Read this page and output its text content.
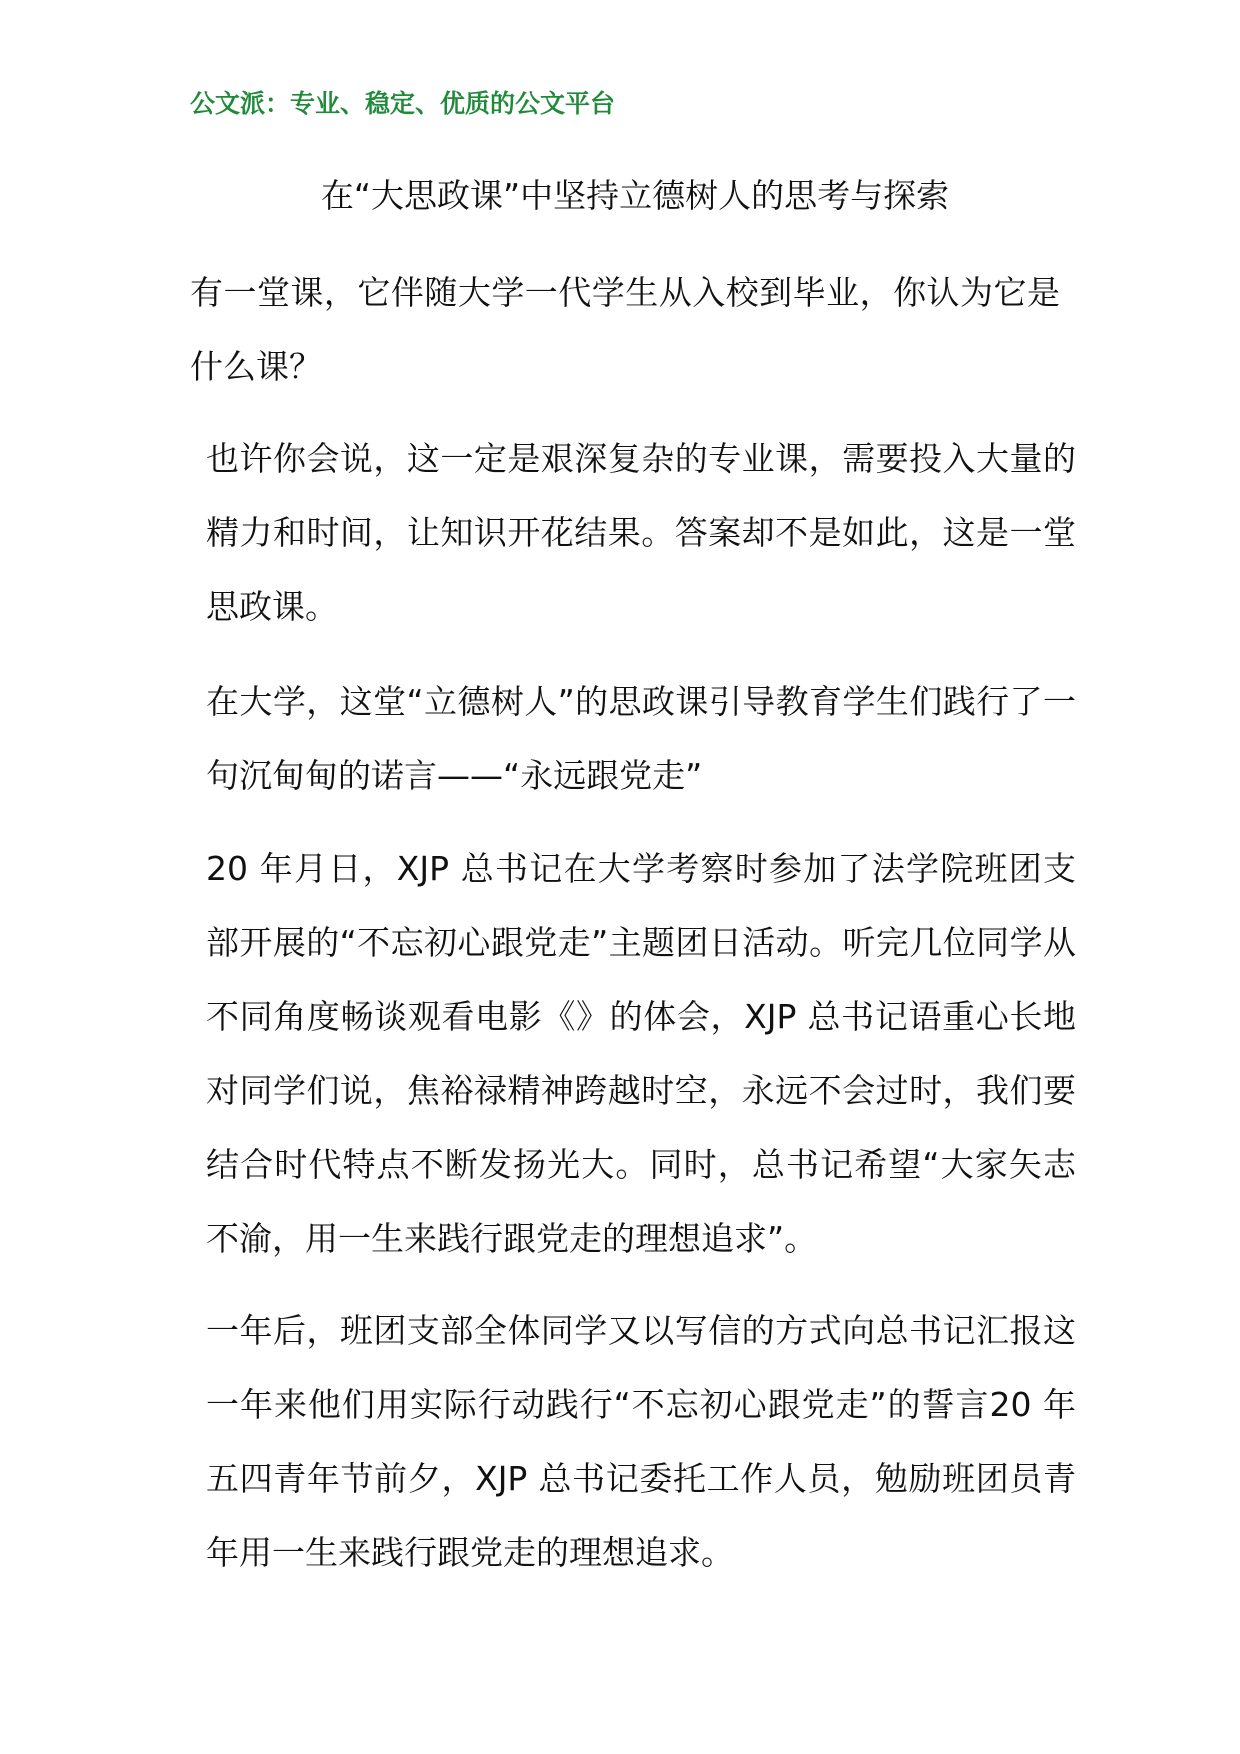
公文派：专业、稳定、优质的公文平台
在“大思政课”中坚持立德树人的思考与探索

有一堂课，它伴随大学一代学生从入校到毕业，你认为它是什么课？

也许你会说，这一定是艰深复杂的专业课，需要投入大量的精力和时间，让知识开花结果。答案却不是如此，这是一堂思政课。

在大学，这堂“立德树人”的思政课引导教育学生们践行了一句沉甸甸的诺言——“永远跟党走”

20 年月日，XJP 总书记在大学考察时参加了法学院班团支部开展的“不忘初心跟党走”主题团日活动。听完几位同学从不同角度畅谈观看电影《》的体会，XJP 总书记语重心长地对同学们说，焦裕禄精神跨越时空，永远不会过时，我们要结合时代特点不断发扬光大。同时，总书记希望“大家矢志不渝，用一生来践行跟党走的理想追求”。

一年后，班团支部全体同学又以写信的方式向总书记汇报这一年来他们用实际行动践行“不忘初心跟党走”的誓言20 年五四青年节前夕，XJP 总书记委托工作人员，勉励班团员青年用一生来践行跟党走的理想追求。
